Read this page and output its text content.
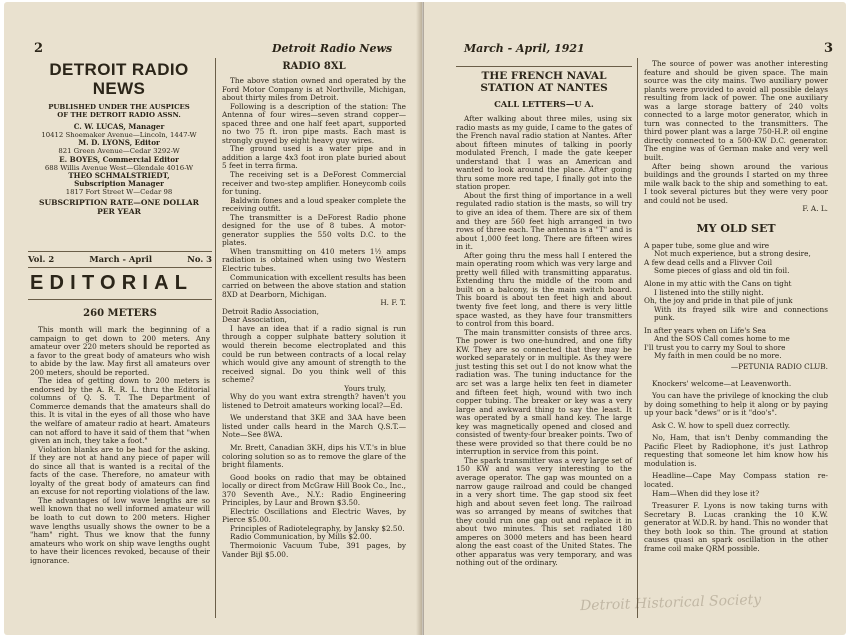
2	Detroit Radio News
DETROIT RADIO
NEWS
PUBLISHED UNDER THE AUSPICES
OF THE DETROIT RADIO ASSN.
C. W. LUCAS, Manager
10412 Shoemaker Avenue—Lincoln, 1447-W
M. D. LYONS, Editor
821 Green Avenue—Cedar 3292-W
E. BOYES, Commercial Editor
688 Willis Avenue West—Glendale 4016-W
THEO SCHMALSTRIEDT,
Subscription Manager
1817 Fort Street W—Cedar 98
SUBSCRIPTION RATE—ONE DOLLAR
PER YEAR
Vol. 2	March - April	No. 3
EDITORIAL
260 METERS

This month will mark the beginning of a campaign to get down to 200 meters. Any amateur over 220 meters should be reported as a favor to the great body of amateurs who wish to abide by the law. May first all amateurs over 200 meters, should be reported.

The idea of getting down to 200 meters is endorsed by the A. R. R. L. thru the Editorial columns of Q. S. T. The Department of Commerce demands that the amateurs shall do this. It is vital in the eyes of all those who have the welfare of amateur radio at heart. Amateurs can not afford to have it said of them that "when given an inch, they take a foot."

Violation blanks are to be had for the asking. If they are not at hand any piece of paper will do since all that is wanted is a recital of the facts of the case. Therefore, no amateur with loyalty of the great body of amateurs can find an excuse for not reporting violations of the law.

The advantages of low wave lengths are so well known that no well informed amateur will be loath to cut down to 200 meters. Higher wave lengths usually shows the owner to be a "ham" right. Thus we know that the funny amateurs who work on ship wave lengths ought to have their licences revoked, because of their ignorance.

RADIO 8XL

The above station owned and operated by the Ford Motor Company is at Northville, Michigan, about thirty miles from Detroit.

Following is a description of the station: The Antenna of four wires—seven strand copper—spaced three and one half feet apart, supported no two 75 ft. iron pipe masts. Each mast is strongly guyed by eight heavy guy wires.

The ground used is a water pipe and in addition a large 4x3 foot iron plate buried about 5 feet in terra firma.

The receiving set is a DeForest Commercial receiver and two-step amplifier. Honeycomb coils for tuning.

Baldwin fones and a loud speaker complete the receiving outfit.

The transmitter is a DeForest Radio phone designed for the use of 8 tubes. A motor-generator supplies the 550 volts D.C. to the plates.

When transmitting on 410 meters 1½ amps radiation is obtained when using two Western Electric tubes.

Communication with excellent results has been carried on between the above station and station 8XD at Dearborn, Michigan.

H. F. T.

Detroit Radio Association,

Dear Association,

I have an idea that if a radio signal is run through a copper sulphate battery solution it would therein become electroplated and this could be run between contracts of a local relay which would give any amount of strength to the received signal. Do you think well of this scheme?

Yours truly,

Why do you want extra strength? haven't you listened to Detroit amateurs working local?—Ed.

We understand that 3KE and 3AA have been listed under calls heard in the March Q.S.T.—Note—See 8WA.

Mr. Brett, Canadian 3KH, dips his V.T.'s in blue coloring solution so as to remove the glare of the bright filaments.

Good books on radio that may be obtained locally or direct from McGraw Hill Book Co., Inc., 370 Seventh Ave., N.Y.: Radio Engineering Principles, by Laur and Brown $3.50.

Electric Oscillations and Electric Waves, by Pierce $5.00.

Principles of Radiotelegraphy, by Jansky $2.50.

Radio Communication, by Mills $2.00.

Thermoionic Vacuum Tube, 391 pages, by Vander Bijl $5.00.

March - April, 1921	3
THE FRENCH NAVAL
STATION AT NANTES
CALL LETTERS—U A.

After walking about three miles, using six radio masts as my guide, I came to the gates of the French naval radio station at Nantes. After about fifteen minutes of talking in poorly modulated French, I made the gate keeper understand that I was an American and wanted to look around the place. After going thru some more red tape, I finally got into the station proper.

About the first thing of importance in a well regulated radio station is the masts, so will try to give an idea of them. There are six of them and they are 560 feet high arranged in two rows of three each. The antenna is a "T" and is about 1,000 feet long. There are fifteen wires in it.

After going thru the mess hall I entered the main operating room which was very large and pretty well filled with transmitting apparatus. Extending thru the middle of the room and built on a balcony, is the main switch board. This board is about ten feet high and about twenty five feet long, and there is very little space wasted, as they have four transmitters to control from this board.

The main transmitter consists of three arcs. The power is two one-hundred, and one fifty KW. They are so connected that they may be worked separately or in multiple. As they were just testing this set out I do not know what the radiation was. The tuning inductance for the arc set was a large helix ten feet in diameter and fifteen feet high, wound with two inch copper tubing. The breaker or key was a very large and awkward thing to say the least. It was operated by a small hand key. The large key was magnetically opened and closed and consisted of twenty-four breaker points. Two of these were provided so that there could be no interruption in service from this point.

The spark transmitter was a very large set of 150 KW and was very interesting to the average operator. The gap was mounted on a narrow gauge railroad and could be changed in a very short time. The gap stood six feet high and about seven feet long. The railroad was so arranged by means of switches that they could run one gap out and replace it in about two minutes. This set radiated 180 amperes on 3000 meters and has been heard along the east coast of the United States. The other apparatus was very temporary, and was nothing out of the ordinary.

The source of power was another interesting feature and should be given space. The main source was the city mains. Two auxiliary power plants were provided to avoid all possible delays resulting from lack of power. The one auxiliary was a large storage battery of 240 volts connected to a large motor generator, which in turn was connected to the transmitters. The third power plant was a large 750-H.P. oil engine directly connected to a 500-KW D.C. generator. The engine was of German make and very well built.

After being shown around the various buildings and the grounds I started on my three mile walk back to the ship and something to eat. I took several pictures but they were very poor and could not be used.

F. A. L.

MY OLD SET

A paper tube, some glue and wire

Not much experience, but a strong desire,

A few dead cells and a Flivver Coil

Some pieces of glass and old tin foil.

Alone in my attic with the Cans on tight

I listened into the stilly night.

Oh, the joy and pride in that pile of junk

With its frayed silk wire and connections punk.

In after years when on Life's Sea

And the SOS Call comes home to me

I'll trust you to carry my Soul to shore

My faith in men could be no more.

—PETUNIA RADIO CLUB.

Knockers' welcome—at Leavenworth.

You can have the privilege of knocking the club by doing something to help it along or by paying up your back "dews" or is it "doo's".

Ask C. W. how to spell duez correctly.

No, Ham, that isn't Denby commanding the Pacific Fleet by Radiophone, it's just Lathrop requesting that someone let him know how his modulation is.

Headline—Cape May Compass station re-located.

Ham—When did they lose it?

Treasurer F. Lyons is now taking turns with Secretary B. Lucas cranking the 10 K.W. generator at W.D.R. by hand. This no wonder that they both look so thin. The ground at station causes quasi an spark oscillation in the other frame coil make QRM possible.

Detroit Historical Society
